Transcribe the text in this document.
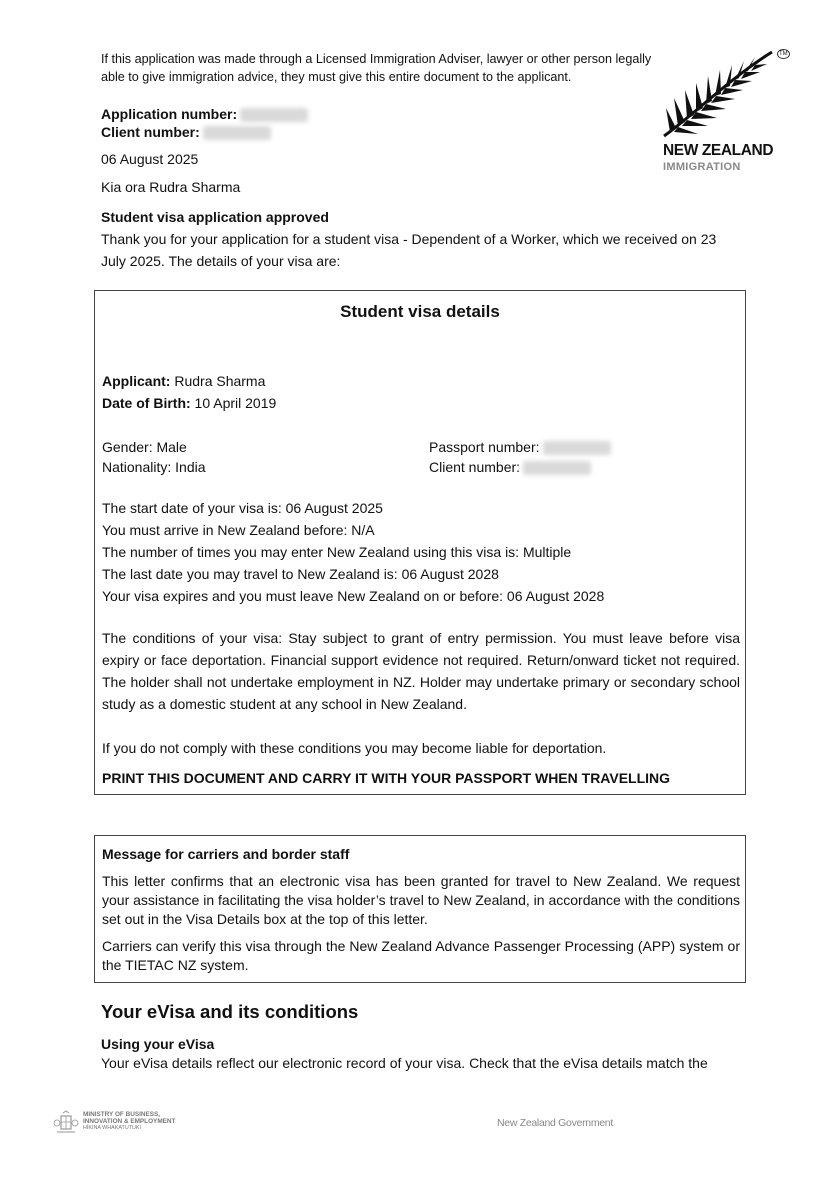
If this application was made through a Licensed Immigration Adviser, lawyer or other person legally able to give immigration advice, they must give this entire document to the applicant.
TM
NEW ZEALAND
IMMIGRATION
Application number:
Client number:
06 August 2025
Kia ora Rudra Sharma
Student visa application approved
Thank you for your application for a student visa - Dependent of a Worker, which we received on 23 July 2025. The details of your visa are:
Student visa details
Applicant: Rudra Sharma
Date of Birth: 10 April 2019
Gender: Male
Nationality: India
Passport number:
Client number:
The start date of your visa is: 06 August 2025
You must arrive in New Zealand before: N/A
The number of times you may enter New Zealand using this visa is: Multiple
The last date you may travel to New Zealand is: 06 August 2028
Your visa expires and you must leave New Zealand on or before: 06 August 2028
The conditions of your visa: Stay subject to grant of entry permission. You must leave before visa expiry or face deportation. Financial support evidence not required. Return/onward ticket not required. The holder shall not undertake employment in NZ. Holder may undertake primary or secondary school study as a domestic student at any school in New Zealand.
If you do not comply with these conditions you may become liable for deportation.
PRINT THIS DOCUMENT AND CARRY IT WITH YOUR PASSPORT WHEN TRAVELLING
Message for carriers and border staff
This letter confirms that an electronic visa has been granted for travel to New Zealand. We request your assistance in facilitating the visa holder’s travel to New Zealand, in accordance with the conditions set out in the Visa Details box at the top of this letter.
Carriers can verify this visa through the New Zealand Advance Passenger Processing (APP) system or the TIETAC NZ system.
Your eVisa and its conditions
Using your eVisa
Your eVisa details reflect our electronic record of your visa. Check that the eVisa details match the
MINISTRY OF BUSINESS,
INNOVATION & EMPLOYMENT
HĪKINA WHAKATUTUKI	New Zealand Government
